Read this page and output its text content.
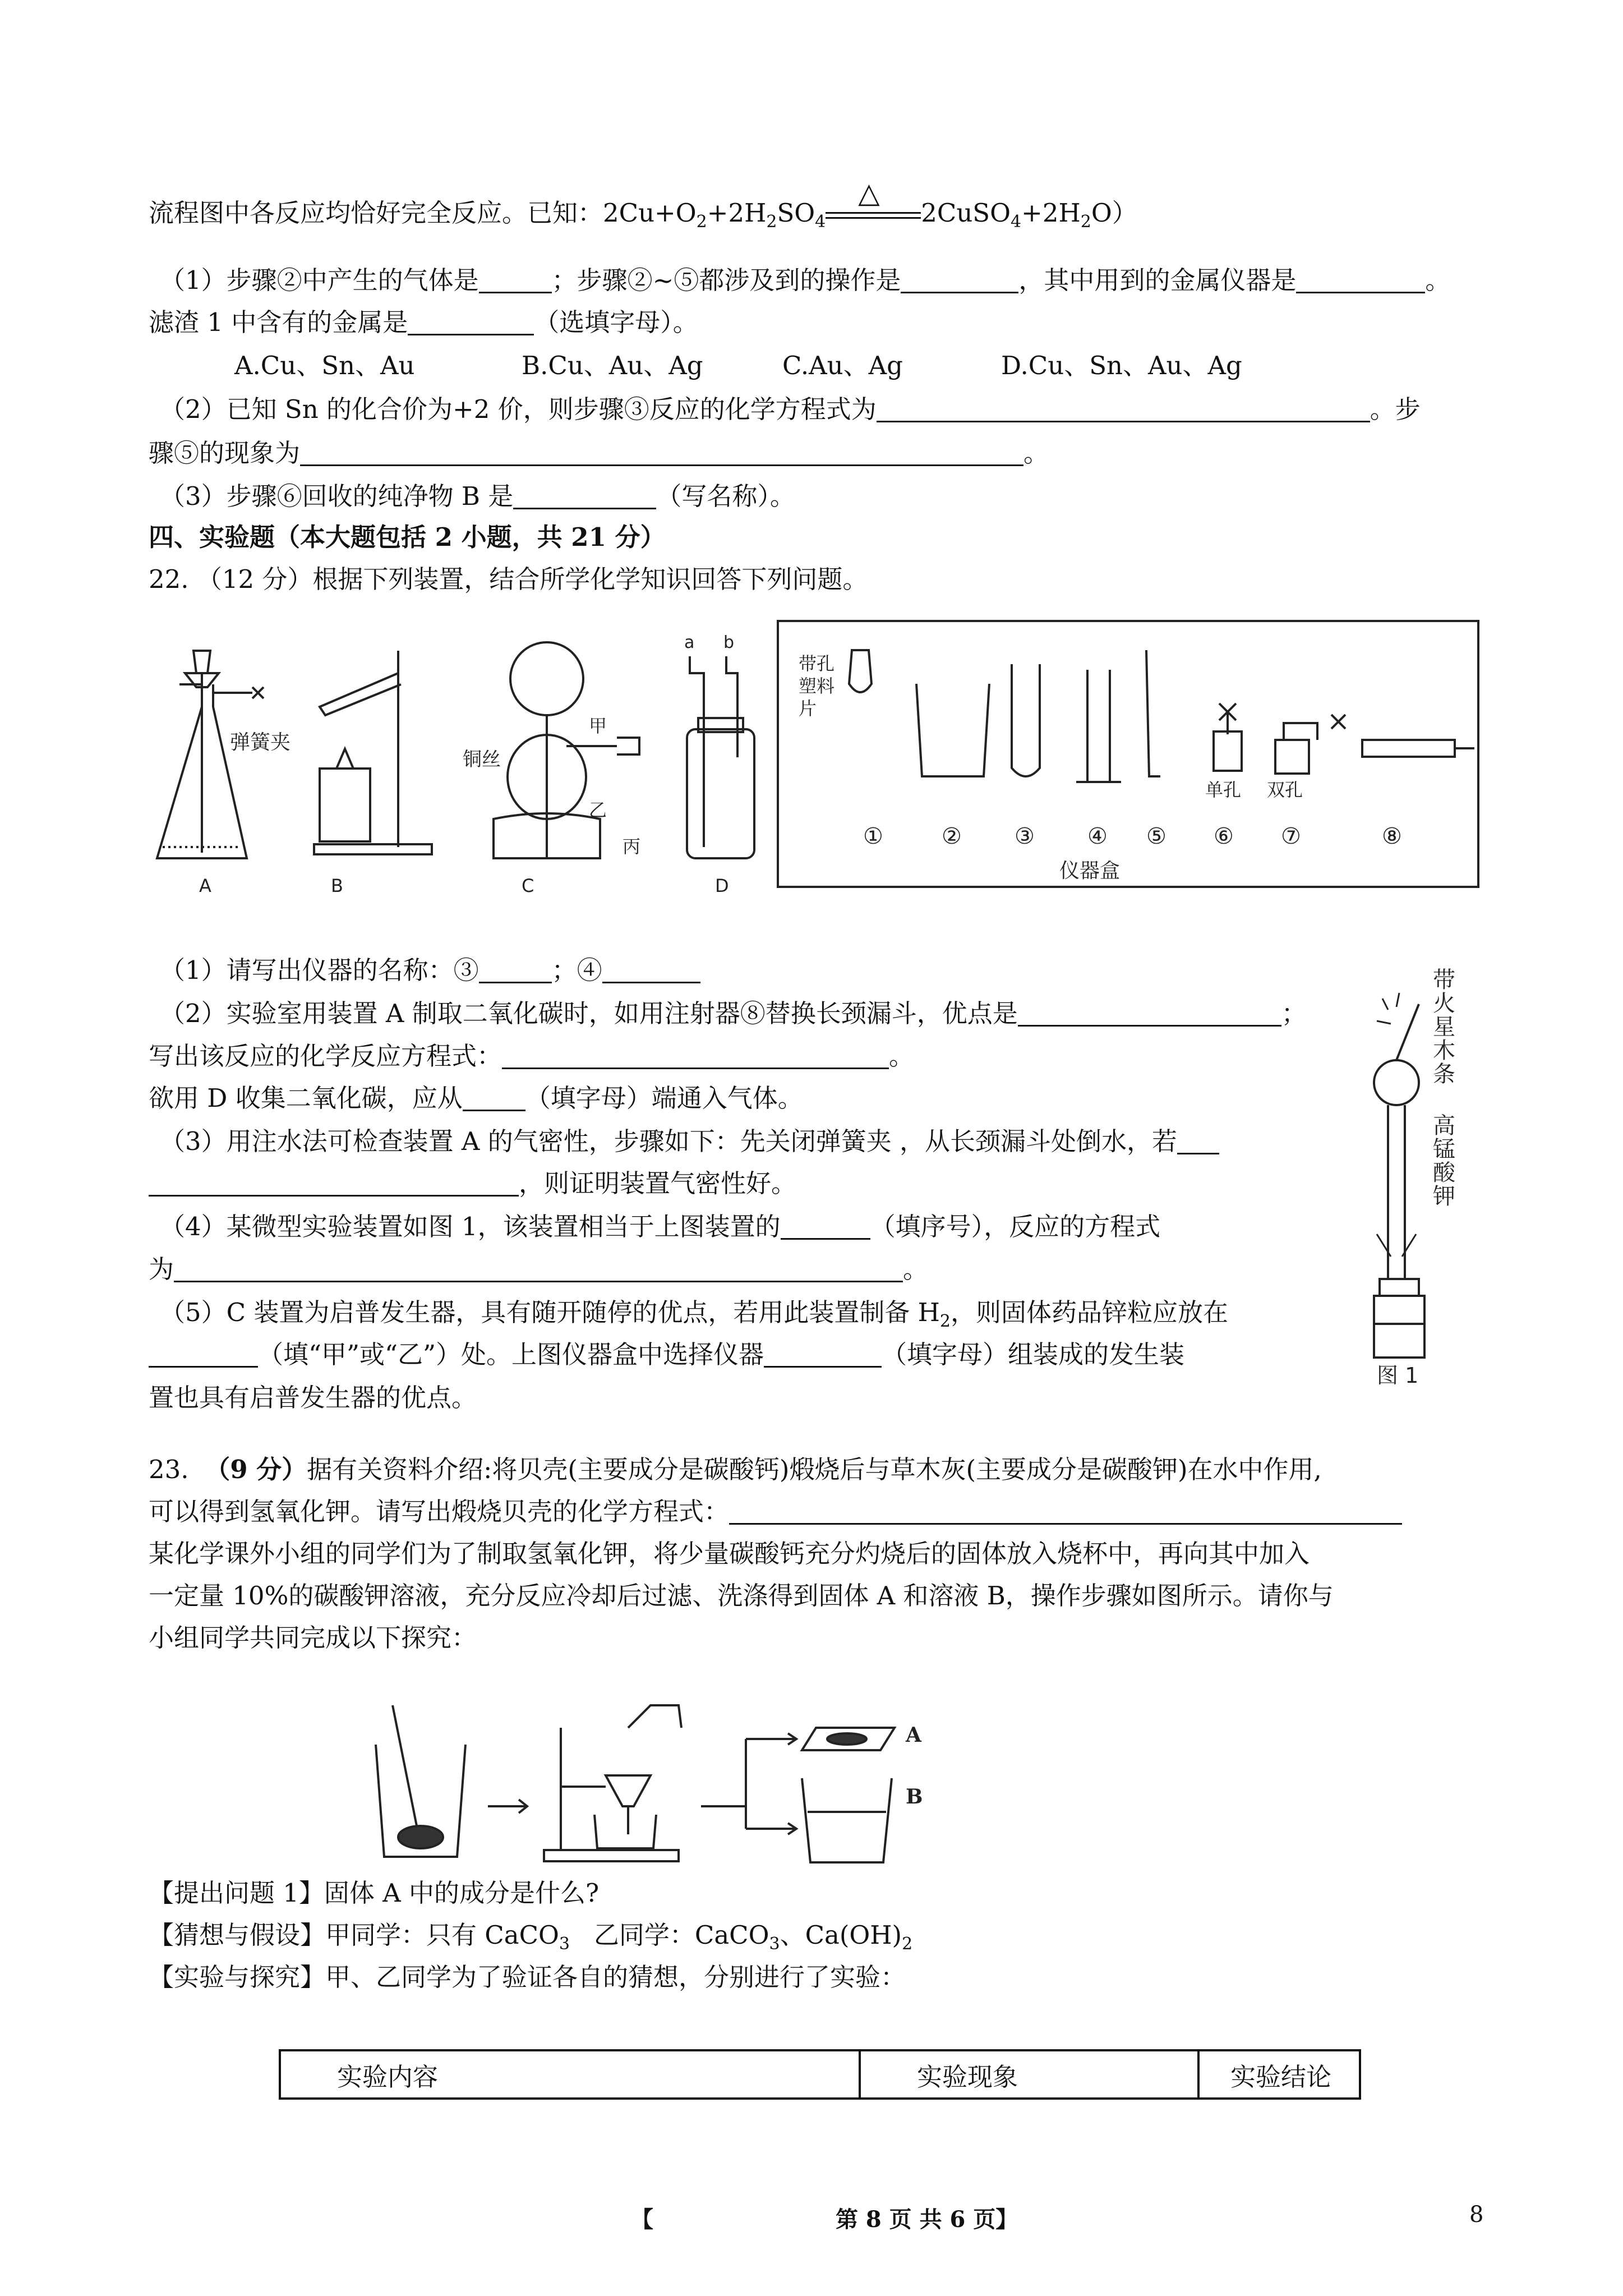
流程图中各反应均恰好完全反应。已知：$2Cu+O_2+2H_2SO_4$
△
$2CuSO_4+2H_2O$）
（1）步骤②中产生的气体是	；步骤②~⑤都涉及到的操作是	，其中用到的金属仪器是	。
滤渣 1 中含有的金属是	（选填字母）。
A.Cu、Sn、Au	B.Cu、Au、Ag	C.Au、Ag	D.Cu、Sn、Au、Ag
（2）已知 Sn 的化合价为+2 价，则步骤③反应的化学方程式为	。步
骤⑤的现象为	。
（3）步骤⑥回收的纯净物 B 是	（写名称）。
四、实验题（本大题包括 2 小题，共 21 分）
22. （12 分）根据下列装置，结合所学化学知识回答下列问题。
弹簧夹
A	B
铜丝
甲
乙
丙
C
a b
D
带孔
塑料
片
单孔 双孔
①	② ③ ④ ⑤ ⑥ ⑦	⑧
仪器盒
带
火
星
木
条
高
锰
酸
钾
图 1
（1）请写出仪器的名称：③	；④
（2）实验室用装置 A 制取二氧化碳时，如用注射器⑧替换长颈漏斗，优点是	；
写出该反应的化学反应方程式：	。
欲用 D 收集二氧化碳，应从 （填字母）端通入气体。
（3）用注水法可检查装置 A 的气密性，步骤如下：先关闭弹簧夹 ，从长颈漏斗处倒水，若
，则证明装置气密性好。
（4）某微型实验装置如图 1，该装置相当于上图装置的	（填序号），反应的方程式
为	。
（5）C 装置为启普发生器，具有随开随停的优点，若用此装置制备 $H_2$，则固体药品锌粒应放在
（填“甲”或“乙”）处。上图仪器盒中选择仪器	（填字母）组装成的发生装
置也具有启普发生器的优点。
23. （9 分）据有关资料介绍:将贝壳(主要成分是碳酸钙)煅烧后与草木灰(主要成分是碳酸钾)在水中作用,
可以得到氢氧化钾。请写出煅烧贝壳的化学方程式：
某化学课外小组的同学们为了制取氢氧化钾，将少量碳酸钙充分灼烧后的固体放入烧杯中，再向其中加入
一定量 10%的碳酸钾溶液，充分反应冷却后过滤、洗涤得到固体 A 和溶液 B，操作步骤如图所示。请你与
小组同学共同完成以下探究：
A
B
【提出问题 1】固体 A 中的成分是什么?
【猜想与假设】甲同学：只有 CaCO$_3$   乙同学：CaCO$_3$、$Ca(OH)_2$
【实验与探究】甲、乙同学为了验证各自的猜想，分别进行了实验：
实验内容	实验现象	实验结论
【	第 8 页 共 6 页】	8
